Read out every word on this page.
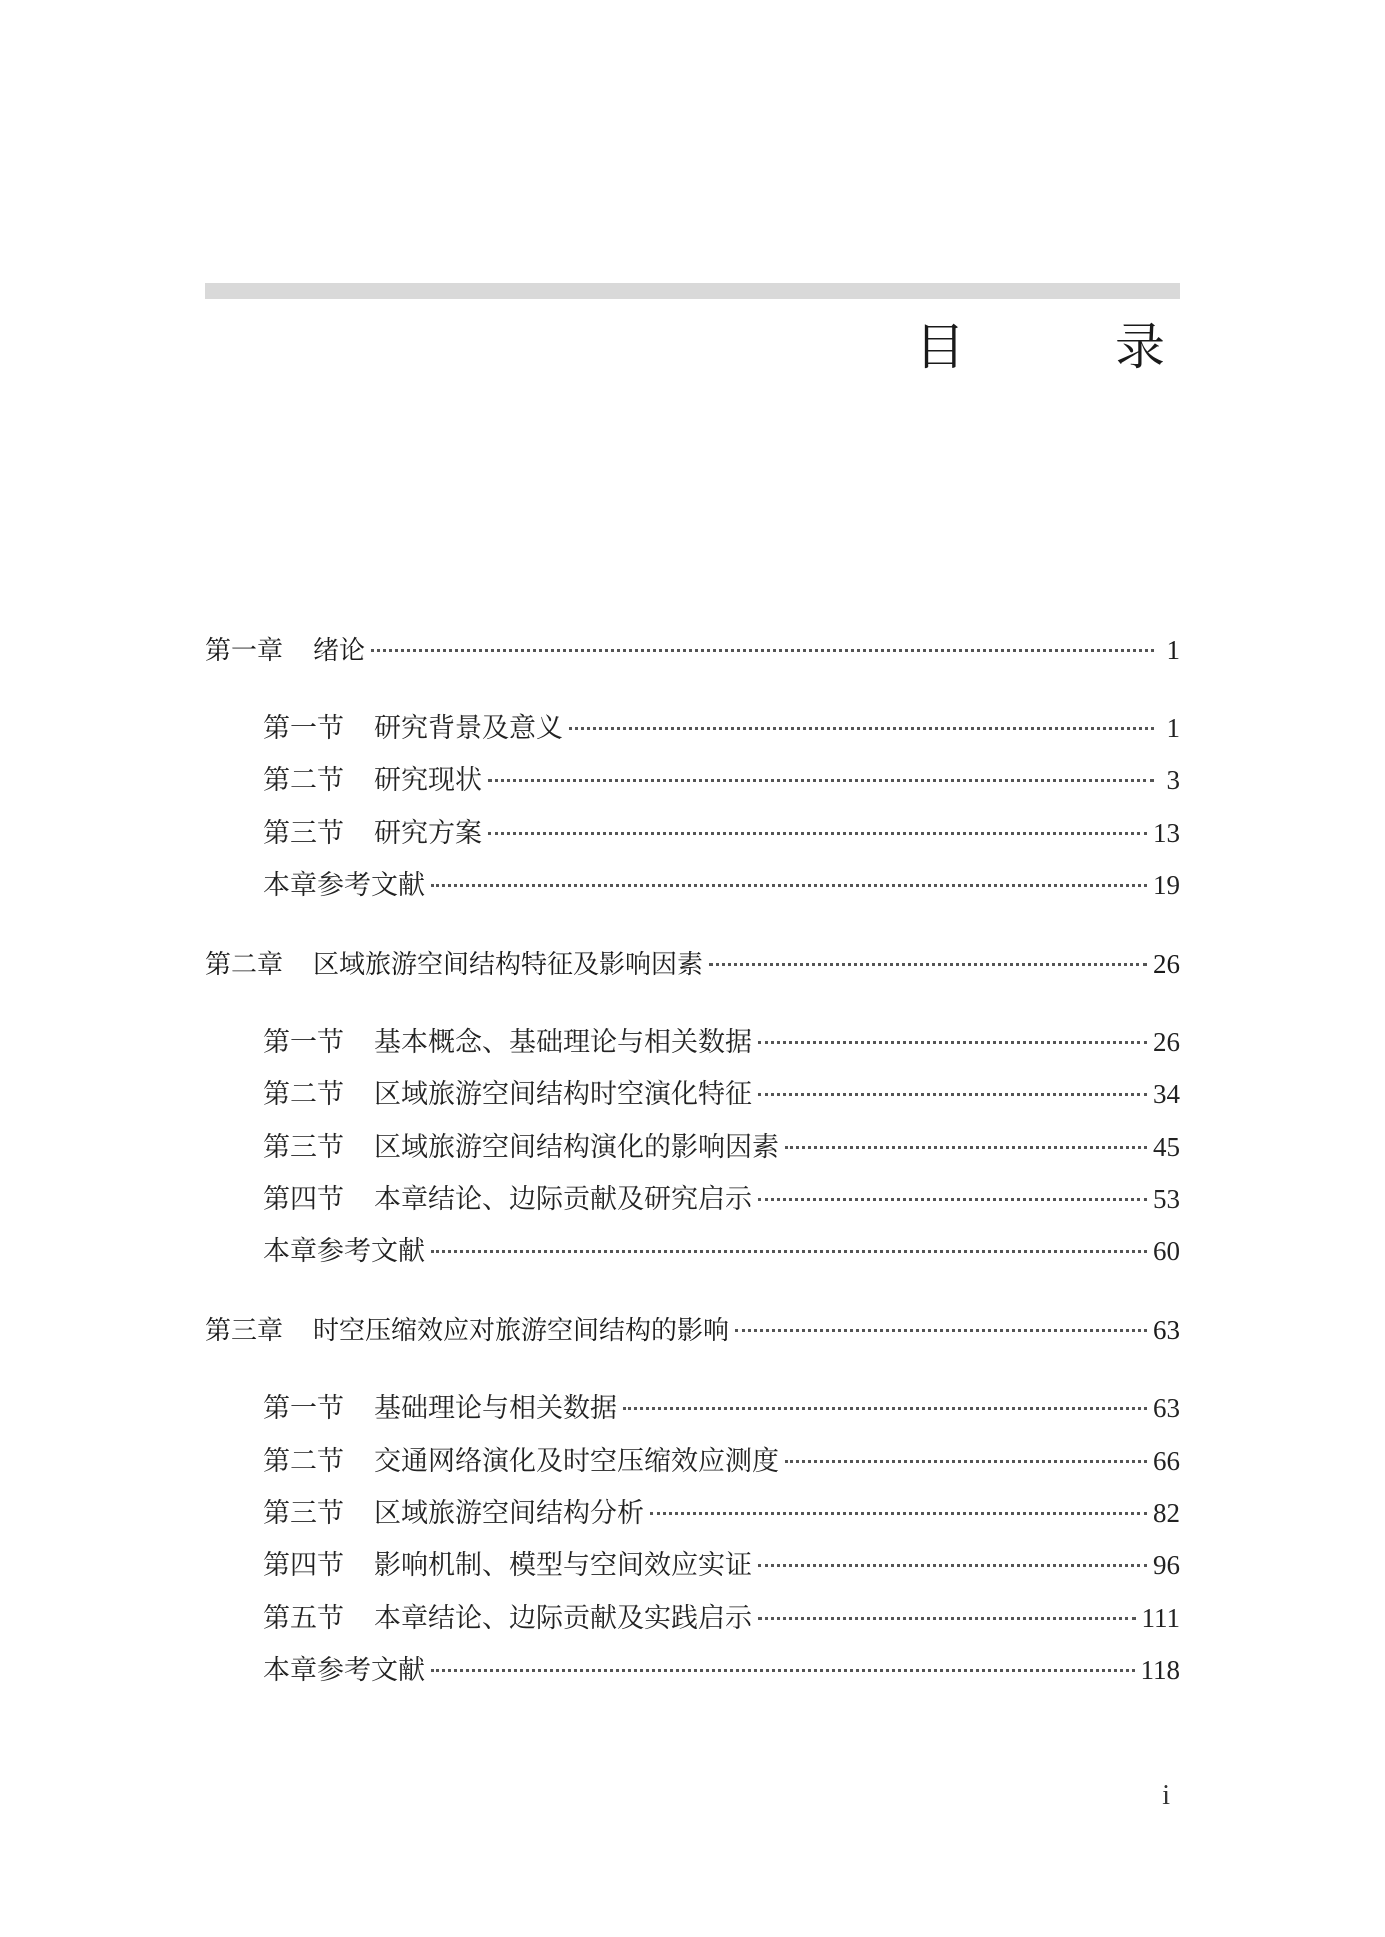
目　录
第一章 绪论	1
第一节 研究背景及意义	1
第二节 研究现状	3
第三节 研究方案	13
本章参考文献	19
第二章 区域旅游空间结构特征及影响因素	26
第一节 基本概念、基础理论与相关数据	26
第二节 区域旅游空间结构时空演化特征	34
第三节 区域旅游空间结构演化的影响因素	45
第四节 本章结论、边际贡献及研究启示	53
本章参考文献	60
第三章 时空压缩效应对旅游空间结构的影响	63
第一节 基础理论与相关数据	63
第二节 交通网络演化及时空压缩效应测度	66
第三节 区域旅游空间结构分析	82
第四节 影响机制、模型与空间效应实证	96
第五节 本章结论、边际贡献及实践启示	111
本章参考文献	118
i
